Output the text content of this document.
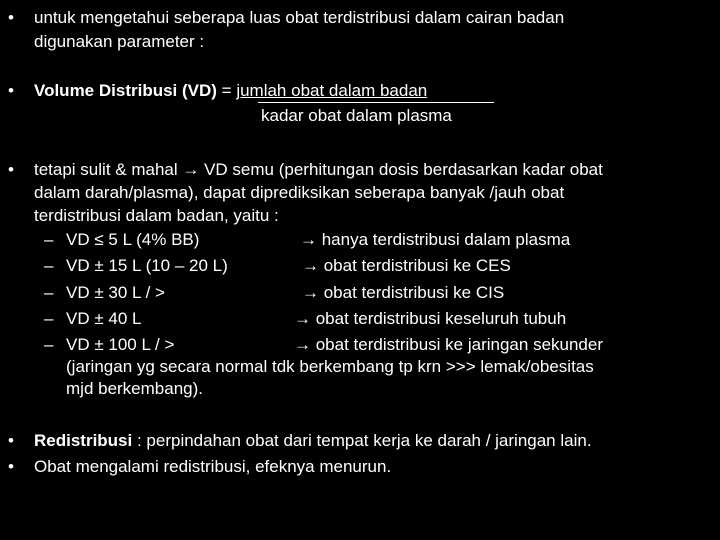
•	untuk mengetahui seberapa luas obat terdistribusi dalam cairan badan
digunakan parameter :
•	Volume Distribusi (VD) = jumlah obat dalam badan
kadar obat dalam plasma
•	tetapi sulit & mahal → VD semu (perhitungan dosis berdasarkan kadar obat
dalam darah/plasma), dapat diprediksikan seberapa banyak /jauh obat
terdistribusi dalam badan, yaitu :
– VD ≤ 5 L (4% BB)	→ hanya terdistribusi dalam plasma
– VD ± 15 L (10 – 20 L)	→ obat terdistribusi ke CES
– VD ± 30 L / >	→ obat terdistribusi ke CIS
– VD ± 40 L	→ obat terdistribusi keseluruh tubuh
– VD ± 100 L / >	→ obat terdistribusi ke jaringan sekunder
(jaringan yg secara normal tdk berkembang tp krn >>> lemak/obesitas
mjd berkembang).
•	Redistribusi : perpindahan obat dari tempat kerja ke darah / jaringan lain.
•	Obat mengalami redistribusi, efeknya menurun.
